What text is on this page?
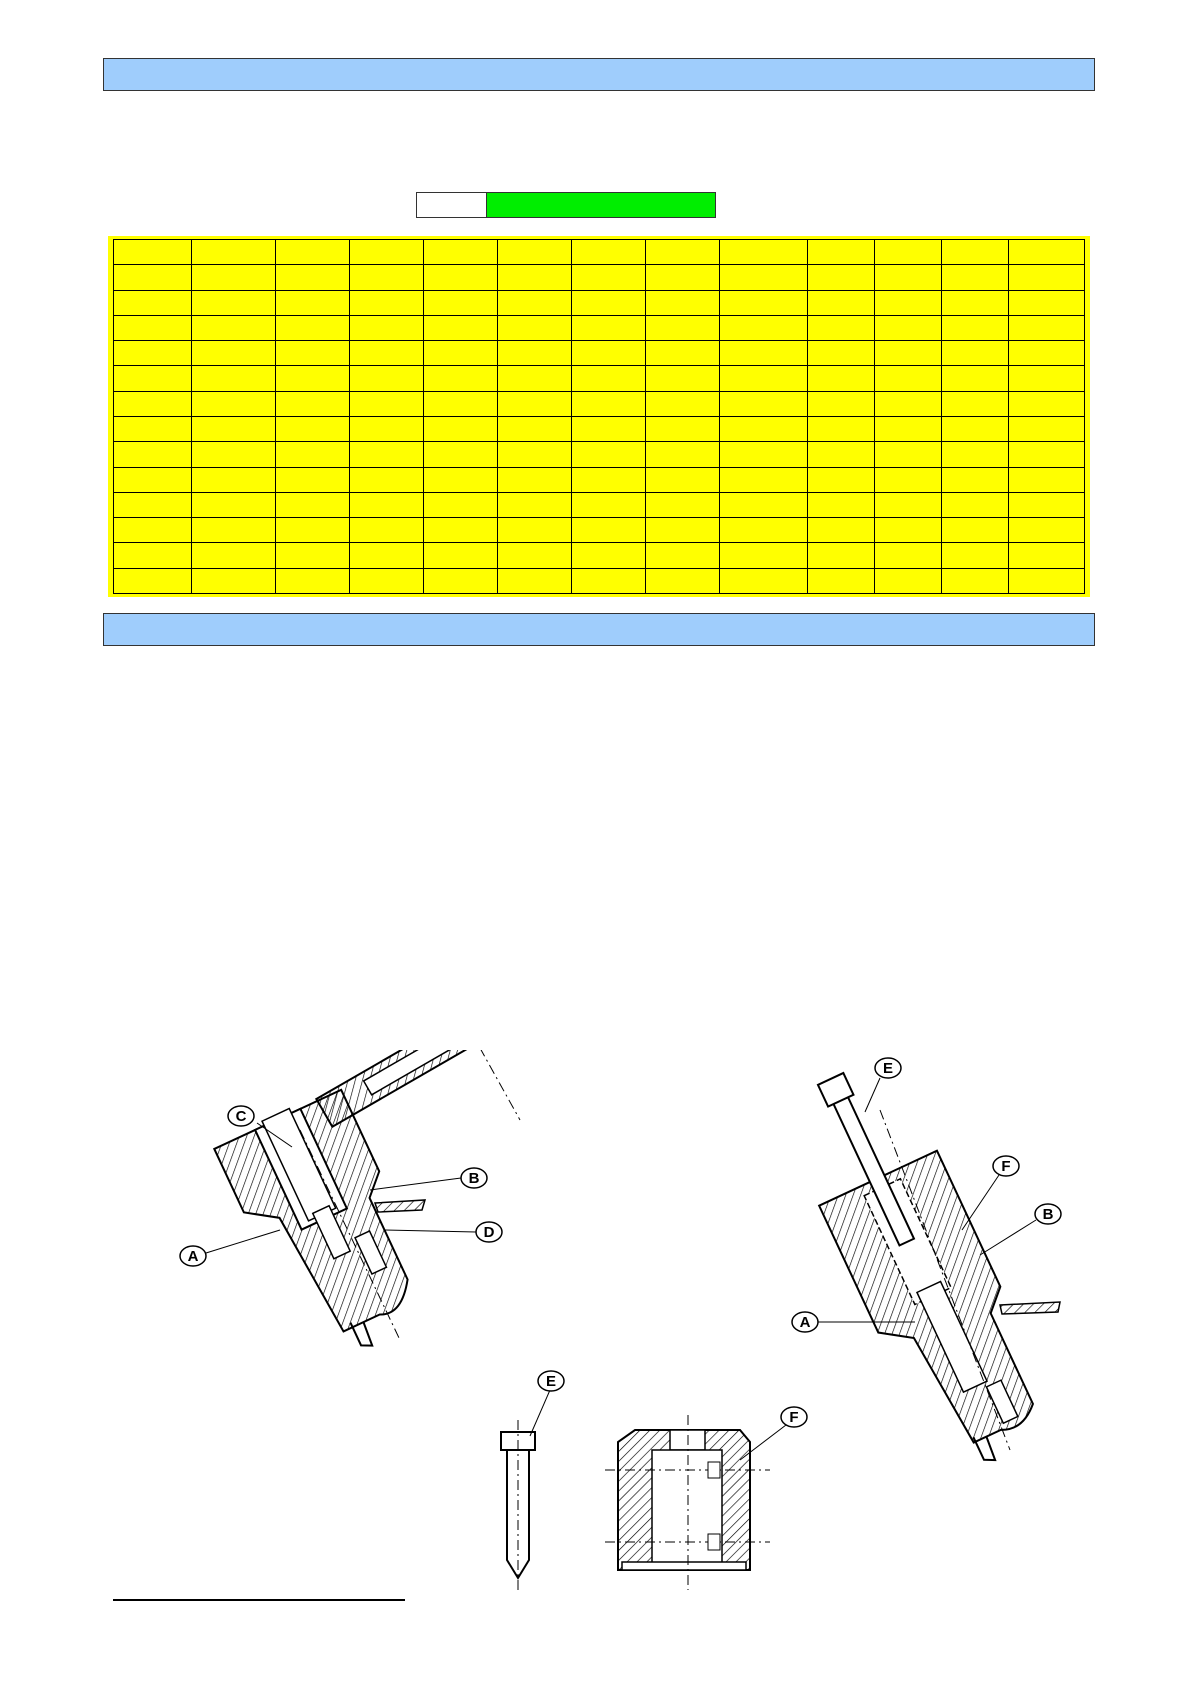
C
B
A
D
E
F
B
A
E
F
